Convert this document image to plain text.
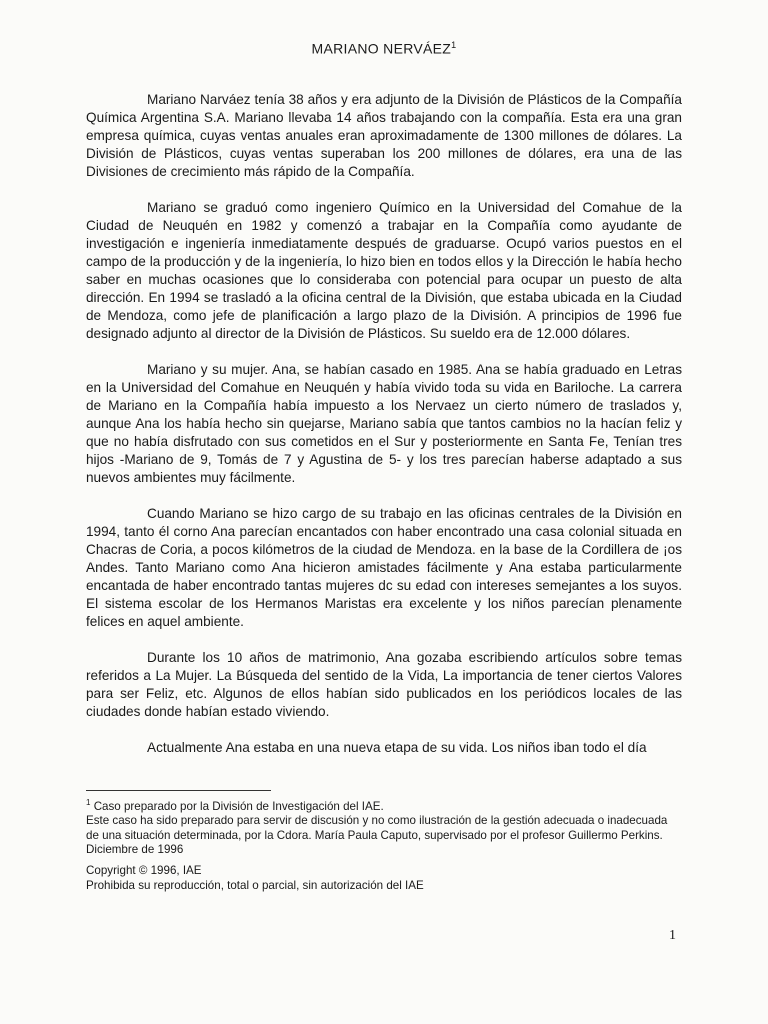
MARIANO NERVÁEZ$^1$

Mariano Narváez tenía 38 años y era adjunto de la División de Plásticos de la Compañía Química Argentina S.A. Mariano llevaba 14 años trabajando con la compañía. Esta era una gran empresa química, cuyas ventas anuales eran aproximadamente de 1300 millones de dólares. La División de Plásticos, cuyas ventas superaban los 200 millones de dólares, era una de las Divisiones de crecimiento más rápido de la Compañía.

Mariano se graduó como ingeniero Químico en la Universidad del Comahue de la Ciudad de Neuquén en 1982 y comenzó a trabajar en la Compañía como ayudante de investigación e ingeniería inmediatamente después de graduarse. Ocupó varios puestos en el campo de la producción y de la ingeniería, lo hizo bien en todos ellos y la Dirección le había hecho saber en muchas ocasiones que lo consideraba con potencial para ocupar un puesto de alta dirección. En 1994 se trasladó a la oficina central de la División, que estaba ubicada en la Ciudad de Mendoza, como jefe de planificación a largo plazo de la División. A principios de 1996 fue designado adjunto al director de la División de Plásticos. Su sueldo era de 12.000 dólares.

Mariano y su mujer. Ana, se habían casado en 1985. Ana se había graduado en Letras en la Universidad del Comahue en Neuquén y había vivido toda su vida en Bariloche. La carrera de Mariano en la Compañía había impuesto a los Nervaez un cierto número de traslados y, aunque Ana los había hecho sin quejarse, Mariano sabía que tantos cambios no la hacían feliz y que no había disfrutado con sus cometidos en el Sur y posteriormente en Santa Fe, Tenían tres hijos -Mariano de 9, Tomás de 7 y Agustina de 5- y los tres parecían haberse adaptado a sus nuevos ambientes muy fácilmente.

Cuando Mariano se hizo cargo de su trabajo en las oficinas centrales de la División en 1994, tanto él corno Ana parecían encantados con haber encontrado una casa colonial situada en Chacras de Coria, a pocos kilómetros de la ciudad de Mendoza. en la base de la Cordillera de ¡os Andes. Tanto Mariano como Ana hicieron amistades fácilmente y Ana estaba particularmente encantada de haber encontrado tantas mujeres dc su edad con intereses semejantes a los suyos. El sistema escolar de los Hermanos Maristas era excelente y los niños parecían plenamente felices en aquel ambiente.

Durante los 10 años de matrimonio, Ana gozaba escribiendo artículos sobre temas referidos a La Mujer. La Búsqueda del sentido de la Vida, La importancia de tener ciertos Valores para ser Feliz, etc. Algunos de ellos habían sido publicados en los periódicos locales de las ciudades donde habían estado viviendo.

Actualmente Ana estaba en una nueva etapa de su vida. Los niños iban todo el día

$^1$ Caso preparado por la División de Investigación del IAE.
Este caso ha sido preparado para servir de discusión y no como ilustración de la gestión adecuada o inadecuada de una situación determinada, por la Cdora. María Paula Caputo, supervisado por el profesor Guillermo Perkins. Diciembre de 1996
Copyright © 1996, IAE
Prohibida su reproducción, total o parcial, sin autorización del IAE
1
